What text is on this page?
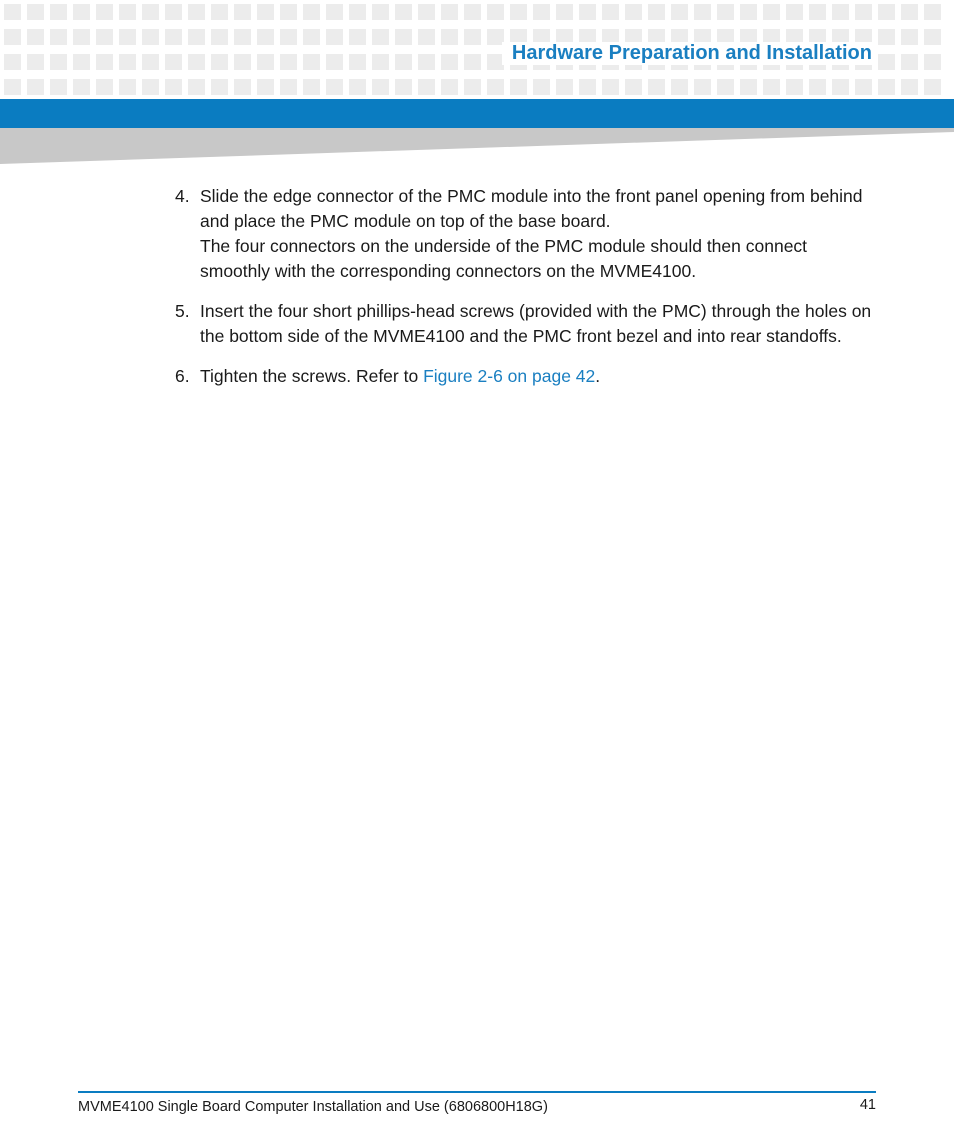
Hardware Preparation and Installation
4. Slide the edge connector of the PMC module into the front panel opening from behind and place the PMC module on top of the base board.

The four connectors on the underside of the PMC module should then connect smoothly with the corresponding connectors on the MVME4100.

5. Insert the four short phillips-head screws (provided with the PMC) through the holes on the bottom side of the MVME4100 and the PMC front bezel and into rear standoffs.

6. Tighten the screws. Refer to Figure 2-6 on page 42.

MVME4100 Single Board Computer Installation and Use (6806800H18G)	41
